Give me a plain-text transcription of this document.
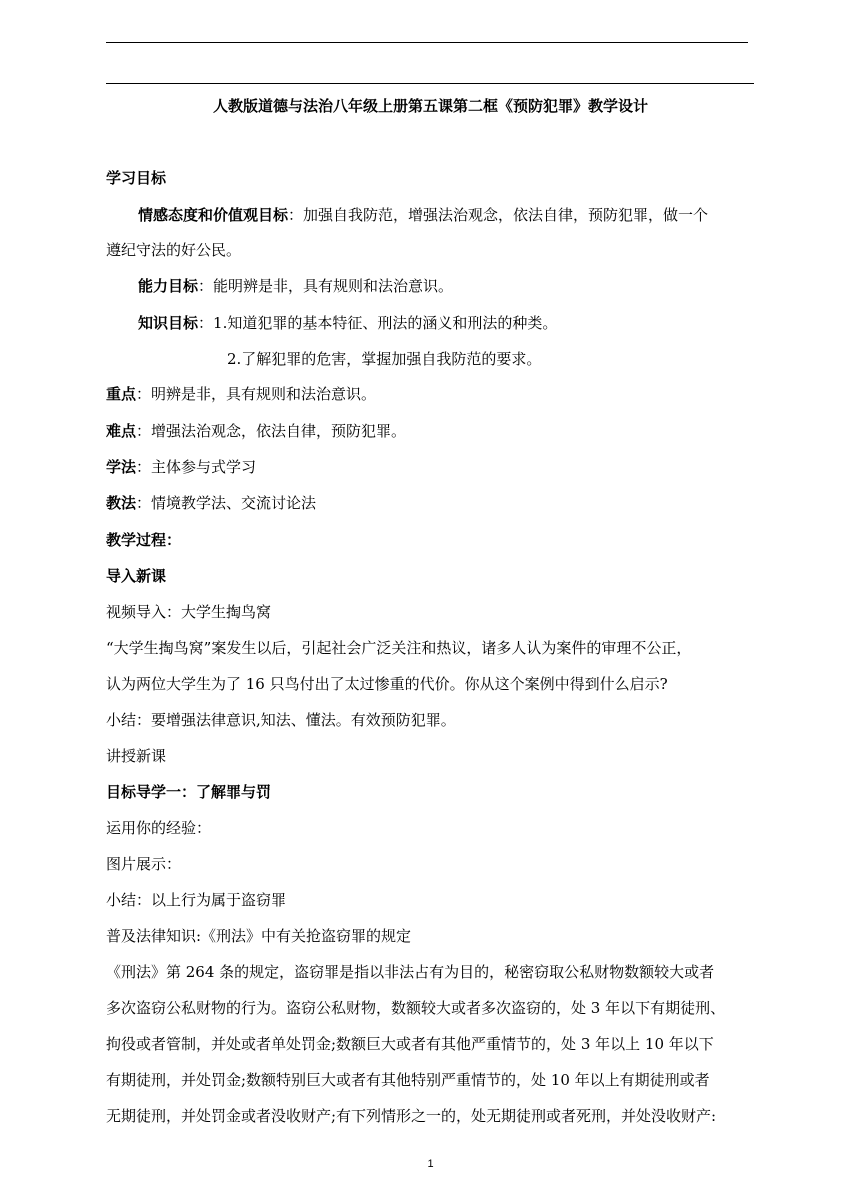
人教版道德与法治八年级上册第五课第二框《预防犯罪》教学设计
学习目标
情感态度和价值观目标：加强自我防范，增强法治观念，依法自律，预防犯罪，做一个
遵纪守法的好公民。
能力目标：能明辨是非，具有规则和法治意识。
知识目标：1.知道犯罪的基本特征、刑法的涵义和刑法的种类。
2.了解犯罪的危害，掌握加强自我防范的要求。
重点：明辨是非，具有规则和法治意识。
难点：增强法治观念，依法自律，预防犯罪。
学法：主体参与式学习
教法：情境教学法、交流讨论法
教学过程：
导入新课
视频导入：大学生掏鸟窝
“大学生掏鸟窝”案发生以后，引起社会广泛关注和热议，诸多人认为案件的审理不公正，
认为两位大学生为了 16 只鸟付出了太过惨重的代价。你从这个案例中得到什么启示?
小结：要增强法律意识,知法、懂法。有效预防犯罪。
讲授新课
目标导学一：了解罪与罚
运用你的经验：
图片展示：
小结：以上行为属于盗窃罪
普及法律知识:《刑法》中有关抢盗窃罪的规定
《刑法》第 264 条的规定，盗窃罪是指以非法占有为目的，秘密窃取公私财物数额较大或者
多次盗窃公私财物的行为。盗窃公私财物，数额较大或者多次盗窃的，处 3 年以下有期徒刑、
拘役或者管制，并处或者单处罚金;数额巨大或者有其他严重情节的，处 3 年以上 10 年以下
有期徒刑，并处罚金;数额特别巨大或者有其他特别严重情节的，处 10 年以上有期徒刑或者
无期徒刑，并处罚金或者没收财产;有下列情形之一的，处无期徒刑或者死刑，并处没收财产:
1
